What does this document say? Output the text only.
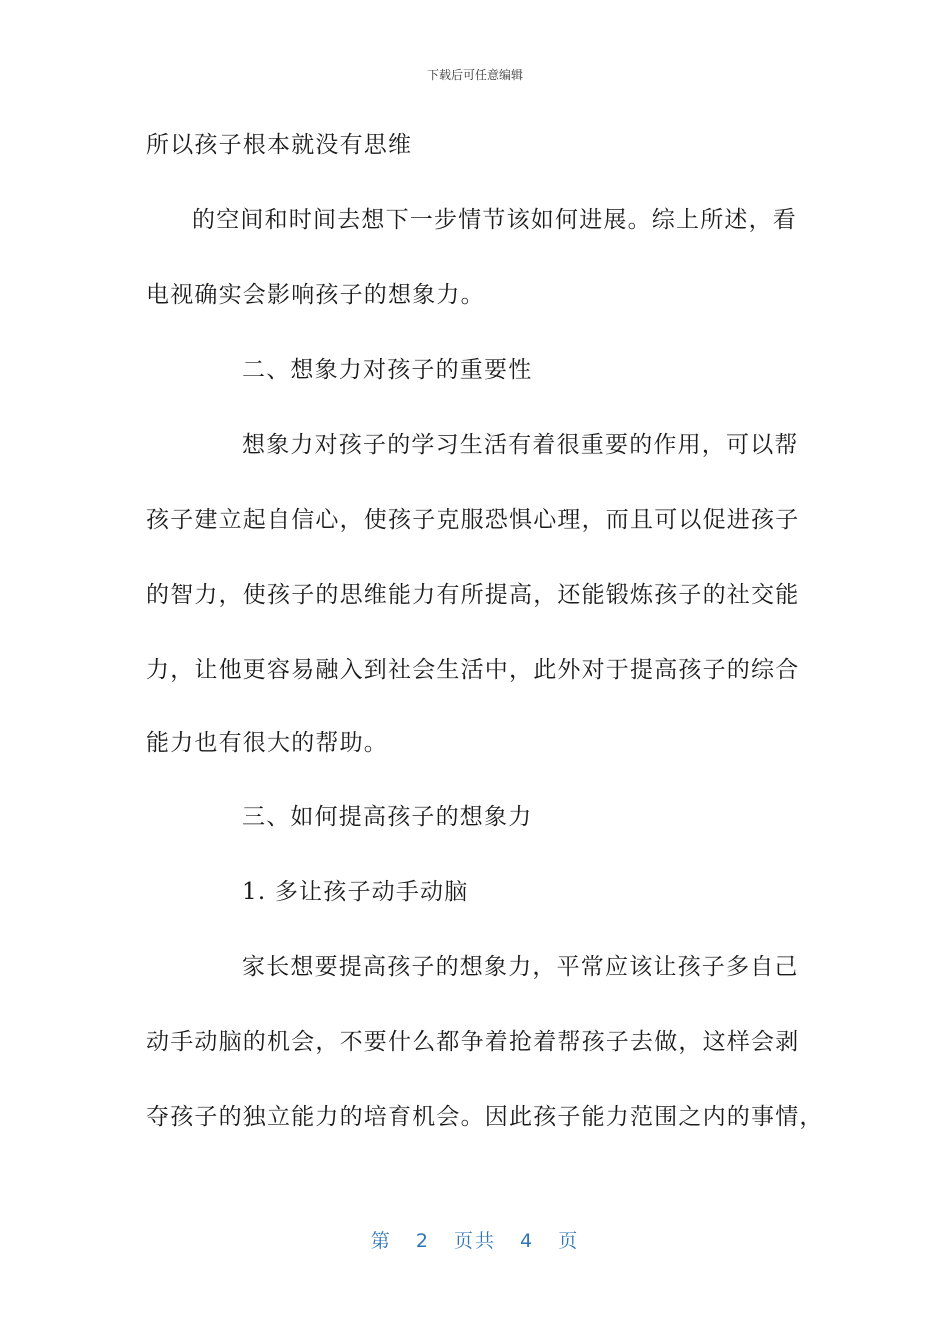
下载后可任意编辑
所以孩子根本就没有思维
的空间和时间去想下一步情节该如何进展。综上所述，看
电视确实会影响孩子的想象力。
二、想象力对孩子的重要性
想象力对孩子的学习生活有着很重要的作用，可以帮
孩子建立起自信心，使孩子克服恐惧心理，而且可以促进孩子
的智力，使孩子的思维能力有所提高，还能锻炼孩子的社交能
力，让他更容易融入到社会生活中，此外对于提高孩子的综合
能力也有很大的帮助。
三、如何提高孩子的想象力
1. 多让孩子动手动脑
家长想要提高孩子的想象力，平常应该让孩子多自己
动手动脑的机会，不要什么都争着抢着帮孩子去做，这样会剥
夺孩子的独立能力的培育机会。因此孩子能力范围之内的事情，
第 2 页共 4 页
